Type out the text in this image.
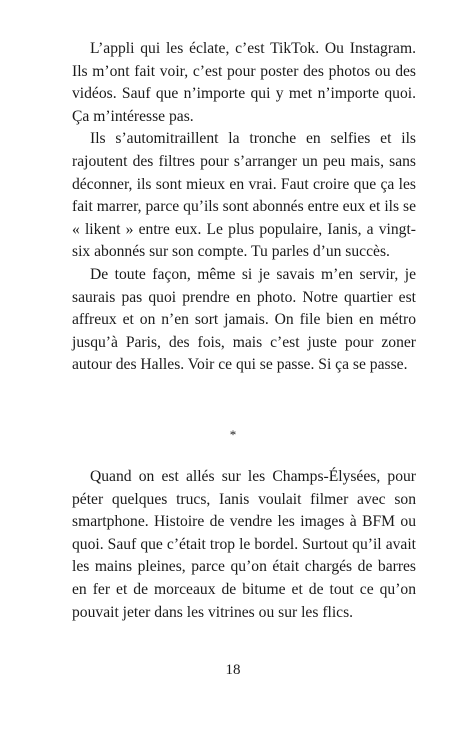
L’appli qui les éclate, c’est TikTok. Ou Instagram. Ils m’ont fait voir, c’est pour poster des photos ou des vidéos. Sauf que n’importe qui y met n’importe quoi. Ça m’intéresse pas.

Ils s’automitraillent la tronche en selfies et ils rajoutent des filtres pour s’arranger un peu mais, sans déconner, ils sont mieux en vrai. Faut croire que ça les fait marrer, parce qu’ils sont abonnés entre eux et ils se « likent » entre eux. Le plus populaire, Ianis, a vingt-six abonnés sur son compte. Tu parles d’un succès.

De toute façon, même si je savais m’en servir, je saurais pas quoi prendre en photo. Notre quartier est affreux et on n’en sort jamais. On file bien en métro jusqu’à Paris, des fois, mais c’est juste pour zoner autour des Halles. Voir ce qui se passe. Si ça se passe.

*

Quand on est allés sur les Champs-Élysées, pour péter quelques trucs, Ianis voulait filmer avec son smartphone. Histoire de vendre les images à BFM ou quoi. Sauf que c’était trop le bordel. Surtout qu’il avait les mains pleines, parce qu’on était chargés de barres en fer et de morceaux de bitume et de tout ce qu’on pouvait jeter dans les vitrines ou sur les flics.

18
